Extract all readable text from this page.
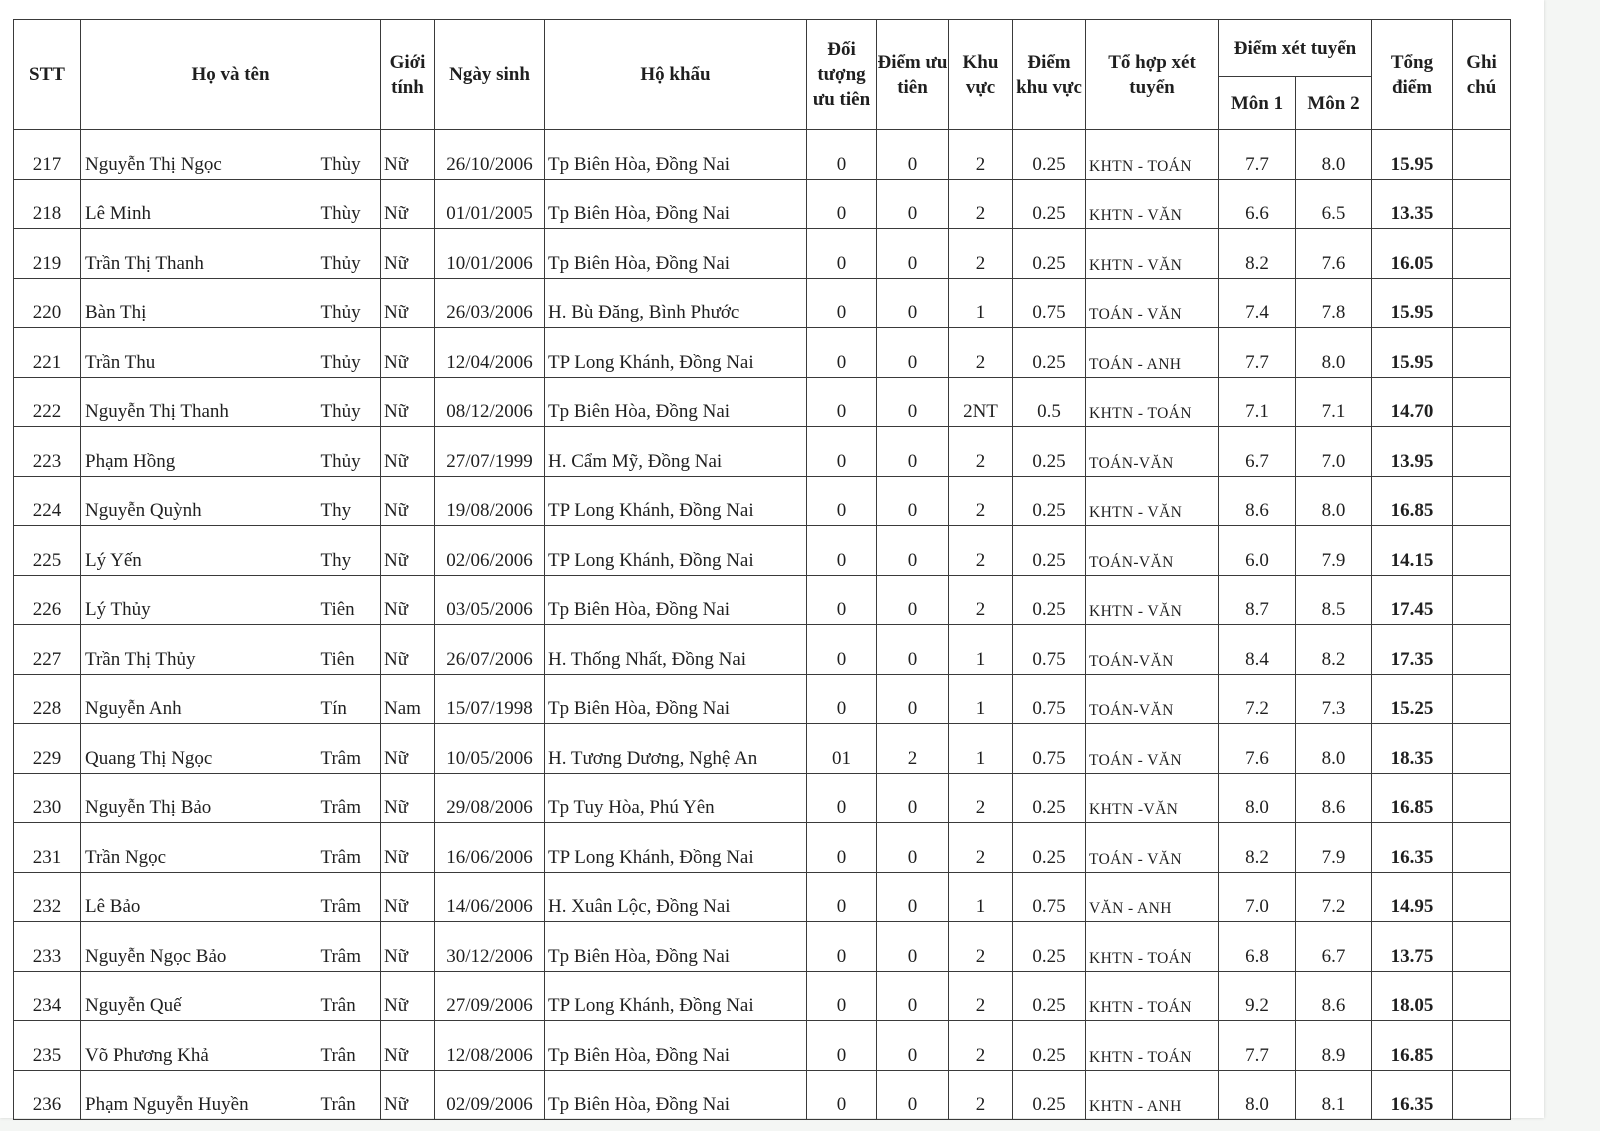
STT	Họ và tên		Giới tính	Ngày sinh	Hộ khẩu	Đối tượng ưu tiên	Điểm ưu tiên	Khu vực	Điểm khu vực	Tổ hợp xét tuyển	Điểm xét tuyển		Tổng điểm	Ghi chú
											Môn 1	Môn 2		
217	Nguyễn Thị Ngọc	Thùy	Nữ	26/10/2006	Tp Biên Hòa, Đồng Nai	0	0	2	0.25	KHTN - TOÁN	7.7	8.0	15.95	
218	Lê Minh	Thùy	Nữ	01/01/2005	Tp Biên Hòa, Đồng Nai	0	0	2	0.25	KHTN - VĂN	6.6	6.5	13.35	
219	Trần Thị Thanh	Thủy	Nữ	10/01/2006	Tp Biên Hòa, Đồng Nai	0	0	2	0.25	KHTN - VĂN	8.2	7.6	16.05	
220	Bàn Thị	Thủy	Nữ	26/03/2006	H. Bù Đăng, Bình Phước	0	0	1	0.75	TOÁN - VĂN	7.4	7.8	15.95	
221	Trần Thu	Thủy	Nữ	12/04/2006	TP Long Khánh, Đồng Nai	0	0	2	0.25	TOÁN - ANH	7.7	8.0	15.95	
222	Nguyễn Thị Thanh	Thủy	Nữ	08/12/2006	Tp Biên Hòa, Đồng Nai	0	0	2NT	0.5	KHTN - TOÁN	7.1	7.1	14.70	
223	Phạm Hồng	Thủy	Nữ	27/07/1999	H. Cẩm Mỹ, Đồng Nai	0	0	2	0.25	TOÁN-VĂN	6.7	7.0	13.95	
224	Nguyễn Quỳnh	Thy	Nữ	19/08/2006	TP Long Khánh, Đồng Nai	0	0	2	0.25	KHTN - VĂN	8.6	8.0	16.85	
225	Lý Yến	Thy	Nữ	02/06/2006	TP Long Khánh, Đồng Nai	0	0	2	0.25	TOÁN-VĂN	6.0	7.9	14.15	
226	Lý Thủy	Tiên	Nữ	03/05/2006	Tp Biên Hòa, Đồng Nai	0	0	2	0.25	KHTN - VĂN	8.7	8.5	17.45	
227	Trần Thị Thủy	Tiên	Nữ	26/07/2006	H. Thống Nhất, Đồng Nai	0	0	1	0.75	TOÁN-VĂN	8.4	8.2	17.35	
228	Nguyễn Anh	Tín	Nam	15/07/1998	Tp Biên Hòa, Đồng Nai	0	0	1	0.75	TOÁN-VĂN	7.2	7.3	15.25	
229	Quang Thị Ngọc	Trâm	Nữ	10/05/2006	H. Tương Dương, Nghệ An	01	2	1	0.75	TOÁN - VĂN	7.6	8.0	18.35	
230	Nguyễn Thị Bảo	Trâm	Nữ	29/08/2006	Tp Tuy Hòa, Phú Yên	0	0	2	0.25	KHTN -VĂN	8.0	8.6	16.85	
231	Trần Ngọc	Trâm	Nữ	16/06/2006	TP Long Khánh, Đồng Nai	0	0	2	0.25	TOÁN - VĂN	8.2	7.9	16.35	
232	Lê Bảo	Trâm	Nữ	14/06/2006	H. Xuân Lộc, Đồng Nai	0	0	1	0.75	VĂN - ANH	7.0	7.2	14.95	
233	Nguyễn Ngọc Bảo	Trâm	Nữ	30/12/2006	Tp Biên Hòa, Đồng Nai	0	0	2	0.25	KHTN - TOÁN	6.8	6.7	13.75	
234	Nguyễn Quế	Trân	Nữ	27/09/2006	TP Long Khánh, Đồng Nai	0	0	2	0.25	KHTN - TOÁN	9.2	8.6	18.05	
235	Võ Phương Khả	Trân	Nữ	12/08/2006	Tp Biên Hòa, Đồng Nai	0	0	2	0.25	KHTN - TOÁN	7.7	8.9	16.85	
236	Phạm Nguyễn Huyền	Trân	Nữ	02/09/2006	Tp Biên Hòa, Đồng Nai	0	0	2	0.25	KHTN - ANH	8.0	8.1	16.35	
